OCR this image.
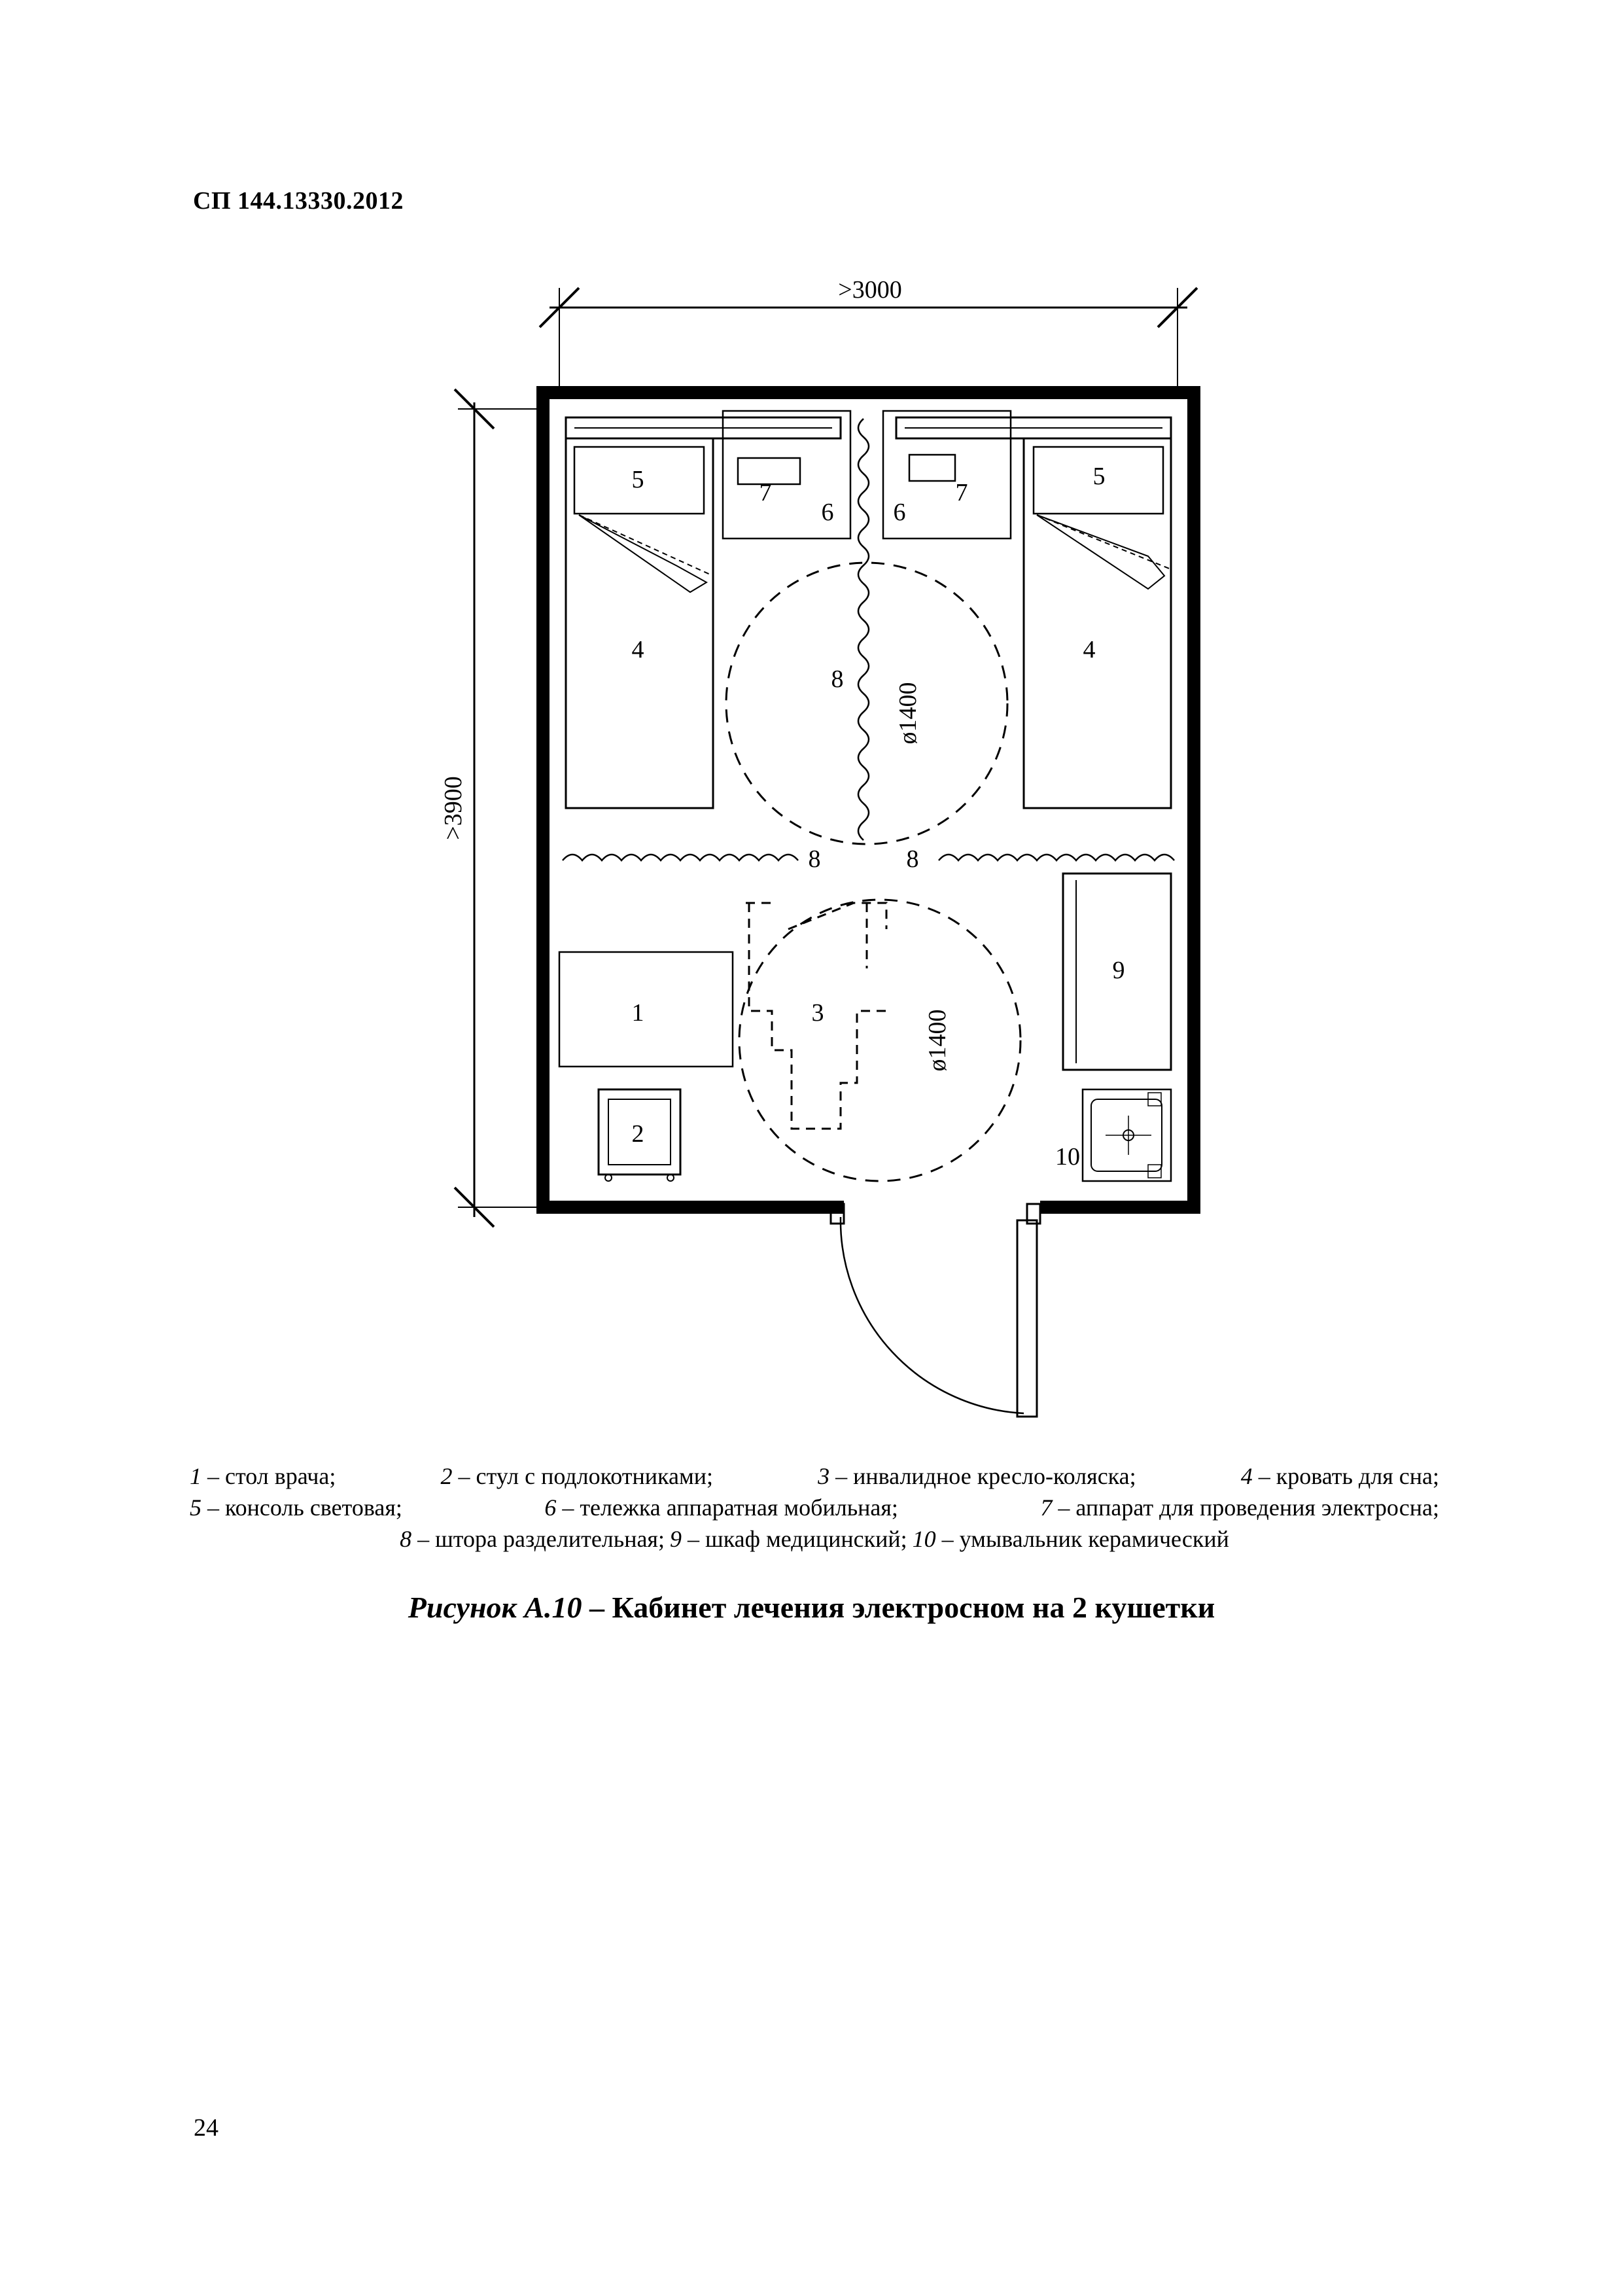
СП 144.13330.2012
>3000
>3900
1
2
3
4	4
5	5
6 6
7	7
8
8	8
9
10
ø1400
ø1400
1 – стол врача;	2 – стул с подлокотниками;	3 – инвалидное кресло-коляска;	4 – кровать для сна;
5 – консоль световая;	6 – тележка аппаратная мобильная;	7 – аппарат для проведения электросна;
8 – штора разделительная; 9 – шкаф медицинский; 10 – умывальник керамический
Рисунок А.10 – Кабинет лечения электросном на 2 кушетки
24
